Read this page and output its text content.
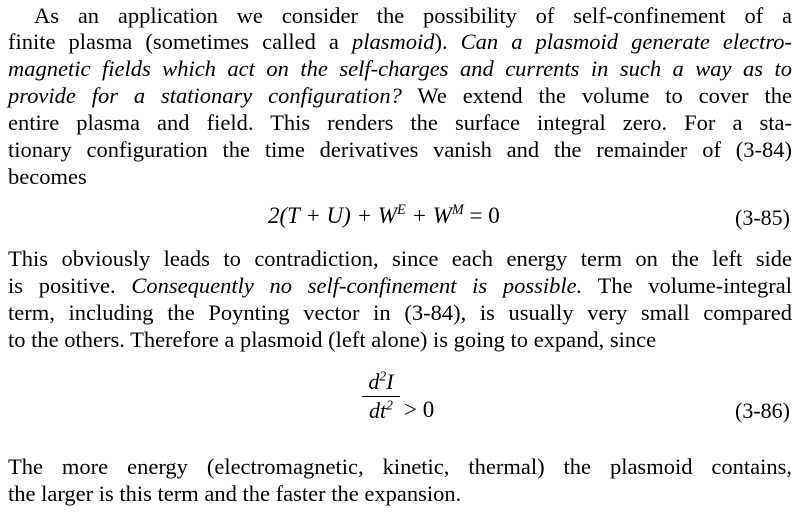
As an application we consider the possibility of self-confinement of a
finite plasma (sometimes called a plasmoid). Can a plasmoid generate electro-
magnetic fields which act on the self-charges and currents in such a way as to
provide for a stationary configuration? We extend the volume to cover the
entire plasma and field. This renders the surface integral zero. For a sta-
tionary configuration the time derivatives vanish and the remainder of (3-84)
becomes
$2(T + U) + W^E + W^M = 0$	(3-85)
This obviously leads to contradiction, since each energy term on the left side
is positive. Consequently no self-confinement is possible. The volume-integral
term, including the Poynting vector in (3-84), is usually very small compared
to the others. Therefore a plasmoid (left alone) is going to expand, since
$d^2I$
$dt^2 > 0$	(3-86)
The more energy (electromagnetic, kinetic, thermal) the plasmoid contains,
the larger is this term and the faster the expansion.
